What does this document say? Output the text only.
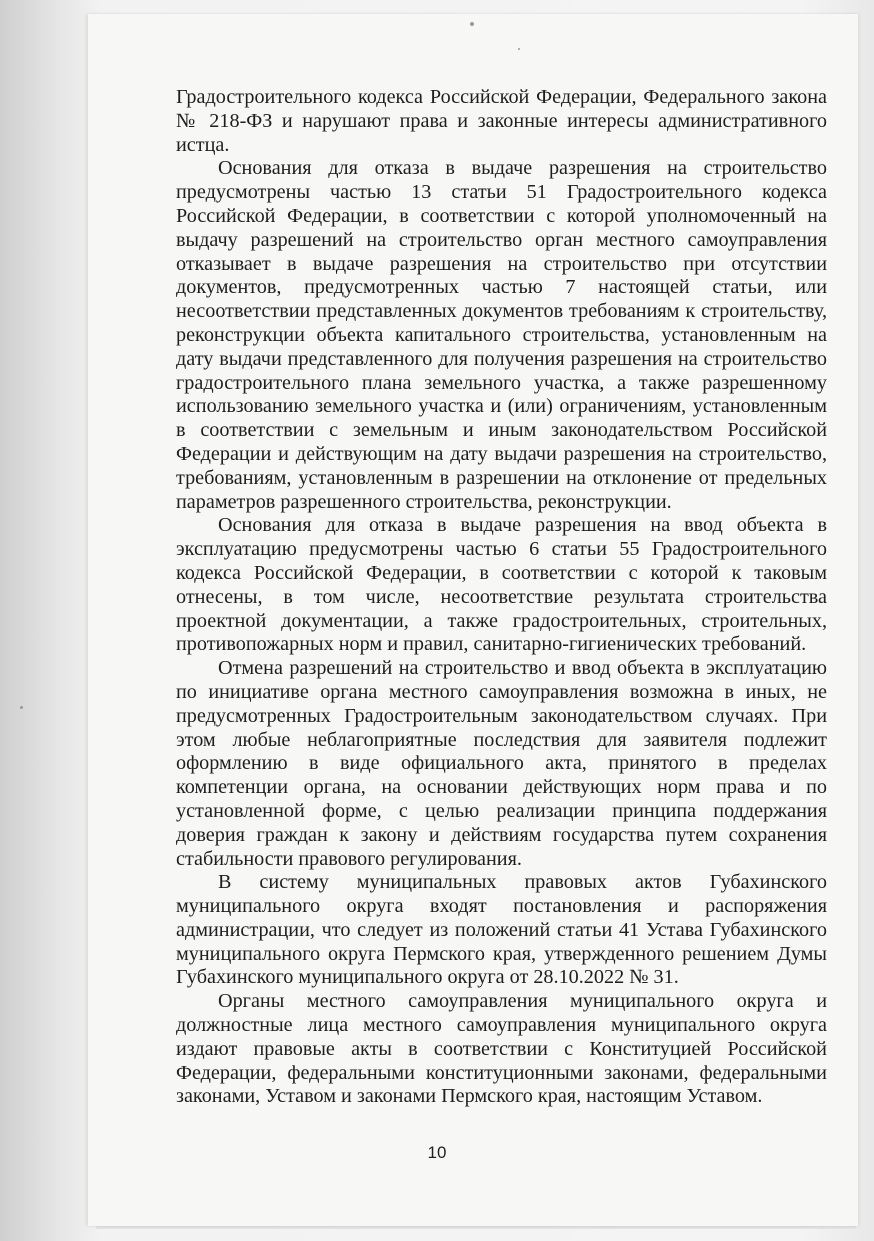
Градостроительного кодекса Российской Федерации, Федерального закона № 218-ФЗ и нарушают права и законные интересы административного истца.

Основания для отказа в выдаче разрешения на строительство предусмотрены частью 13 статьи 51 Градостроительного кодекса Российской Федерации, в соответствии с которой уполномоченный на выдачу разрешений на строительство орган местного самоуправления отказывает в выдаче разрешения на строительство при отсутствии документов, предусмотренных частью 7 настоящей статьи, или несоответствии представленных документов требованиям к строительству, реконструкции объекта капитального строительства, установленным на дату выдачи представленного для получения разрешения на строительство градостроительного плана земельного участка, а также разрешенному использованию земельного участка и (или) ограничениям, установленным в соответствии с земельным и иным законодательством Российской Федерации и действующим на дату выдачи разрешения на строительство, требованиям, установленным в разрешении на отклонение от предельных параметров разрешенного строительства, реконструкции.

Основания для отказа в выдаче разрешения на ввод объекта в эксплуатацию предусмотрены частью 6 статьи 55 Градостроительного кодекса Российской Федерации, в соответствии с которой к таковым отнесены, в том числе, несоответствие результата строительства проектной документации, а также градостроительных, строительных, противопожарных норм и правил, санитарно-гигиенических требований.

Отмена разрешений на строительство и ввод объекта в эксплуатацию по инициативе органа местного самоуправления возможна в иных, не предусмотренных Градостроительным законодательством случаях. При этом любые неблагоприятные последствия для заявителя подлежит оформлению в виде официального акта, принятого в пределах компетенции органа, на основании действующих норм права и по установленной форме, с целью реализации принципа поддержания доверия граждан к закону и действиям государства путем сохранения стабильности правового регулирования.

В систему муниципальных правовых актов Губахинского муниципального округа входят постановления и распоряжения администрации, что следует из положений статьи 41 Устава Губахинского муниципального округа Пермского края, утвержденного решением Думы Губахинского муниципального округа от 28.10.2022 № 31.

Органы местного самоуправления муниципального округа и должностные лица местного самоуправления муниципального округа издают правовые акты в соответствии с Конституцией Российской Федерации, федеральными конституционными законами, федеральными законами, Уставом и законами Пермского края, настоящим Уставом.

10
